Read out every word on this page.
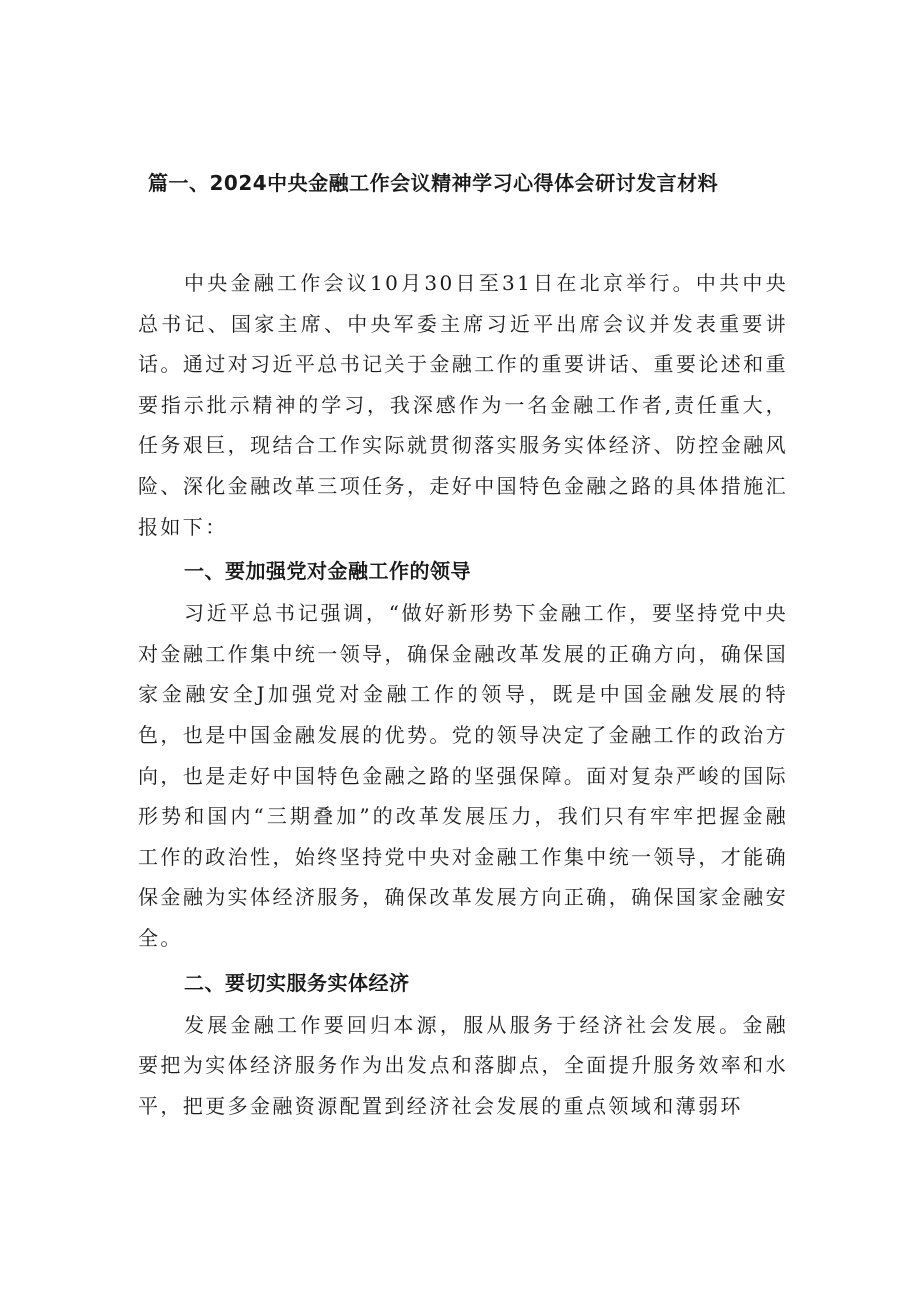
篇一、2024中央金融工作会议精神学习心得体会研讨发言材料

中央金融工作会议10月30日至31日在北京举行。中共中央总书记、国家主席、中央军委主席习近平出席会议并发表重要讲话。通过对习近平总书记关于金融工作的重要讲话、重要论述和重要指示批示精神的学习，我深感作为一名金融工作者,责任重大，任务艰巨，现结合工作实际就贯彻落实服务实体经济、防控金融风险、深化金融改革三项任务，走好中国特色金融之路的具体措施汇报如下：

一、要加强党对金融工作的领导

习近平总书记强调，“做好新形势下金融工作，要坚持党中央对金融工作集中统一领导，确保金融改革发展的正确方向，确保国家金融安全J加强党对金融工作的领导，既是中国金融发展的特色，也是中国金融发展的优势。党的领导决定了金融工作的政治方向，也是走好中国特色金融之路的坚强保障。面对复杂严峻的国际形势和国内“三期叠加”的改革发展压力，我们只有牢牢把握金融工作的政治性，始终坚持党中央对金融工作集中统一领导，才能确保金融为实体经济服务，确保改革发展方向正确，确保国家金融安全。

二、要切实服务实体经济

发展金融工作要回归本源，服从服务于经济社会发展。金融要把为实体经济服务作为出发点和落脚点，全面提升服务效率和水平，把更多金融资源配置到经济社会发展的重点领域和薄弱环
